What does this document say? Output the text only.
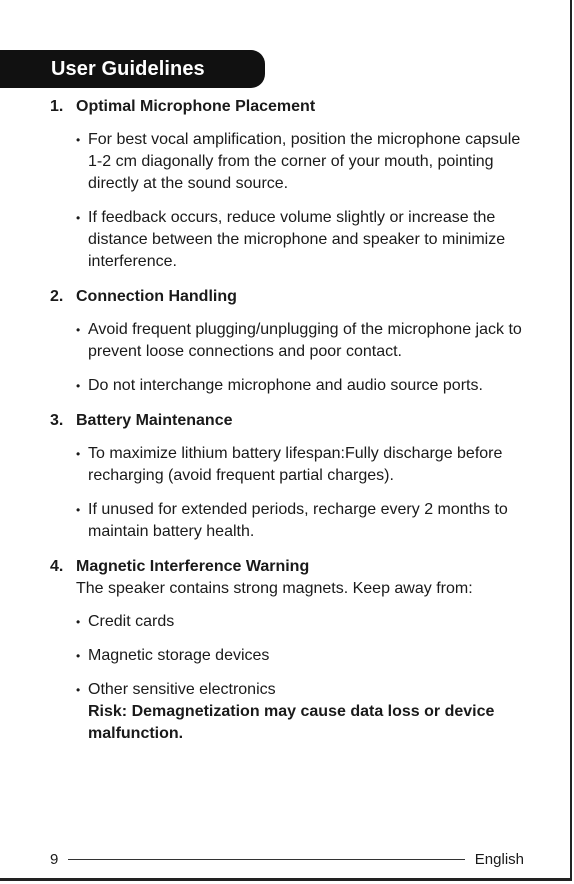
User Guidelines
1. Optimal Microphone Placement
• For best vocal amplification, position the microphone capsule 1-2 cm diagonally from the corner of your mouth, pointing directly at the sound source.
• If feedback occurs, reduce volume slightly or increase the distance between the microphone and speaker to minimize interference.
2. Connection Handling
• Avoid frequent plugging/unplugging of the microphone jack to prevent loose connections and poor contact.
• Do not interchange microphone and audio source ports.
3. Battery Maintenance
• To maximize lithium battery lifespan:Fully discharge before recharging (avoid frequent partial charges).
• If unused for extended periods, recharge every 2 months to maintain battery health.
4. Magnetic Interference Warning
The speaker contains strong magnets. Keep away from:
• Credit cards
• Magnetic storage devices
• Other sensitive electronics
Risk: Demagnetization may cause data loss or device malfunction.
9	English
